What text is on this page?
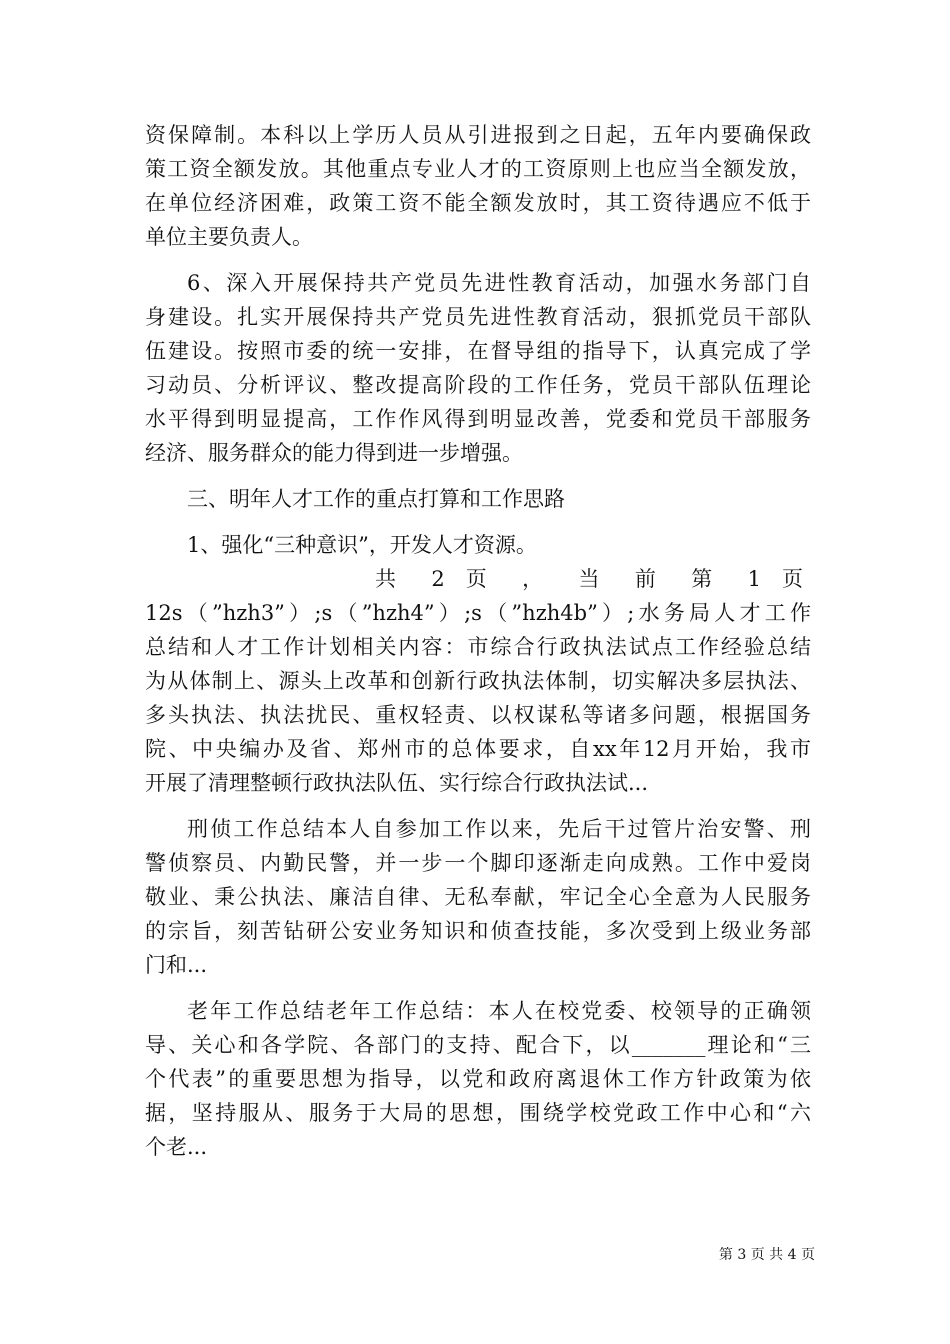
资保障制。本科以上学历人员从引进报到之日起，五年内要确保政
策工资全额发放。其他重点专业人才的工资原则上也应当全额发放，
在单位经济困难，政策工资不能全额发放时，其工资待遇应不低于
单位主要负责人。
6、深入开展保持共产党员先进性教育活动，加强水务部门自
身建设。扎实开展保持共产党员先进性教育活动，狠抓党员干部队
伍建设。按照市委的统一安排，在督导组的指导下，认真完成了学
习动员、分析评议、整改提高阶段的工作任务，党员干部队伍理论
水平得到明显提高，工作作风得到明显改善，党委和党员干部服务
经济、服务群众的能力得到进一步增强。
三、明年人才工作的重点打算和工作思路
1、强化“三种意识”，开发人才资源。
共 2 页 ， 当 前 第 1 页
12s（”hzh3”）;s（”hzh4”）;s（”hzh4b”）;水务局人才工作
总结和人才工作计划相关内容：市综合行政执法试点工作经验总结
为从体制上、源头上改革和创新行政执法体制，切实解决多层执法、
多头执法、执法扰民、重权轻责、以权谋私等诸多问题，根据国务
院、中央编办及省、郑州市的总体要求，自xx年12月开始，我市
开展了清理整顿行政执法队伍、实行综合行政执法试...
刑侦工作总结本人自参加工作以来，先后干过管片治安警、刑
警侦察员、内勤民警，并一步一个脚印逐渐走向成熟。工作中爱岗
敬业、秉公执法、廉洁自律、无私奉献，牢记全心全意为人民服务
的宗旨，刻苦钻研公安业务知识和侦查技能，多次受到上级业务部
门和...
老年工作总结老年工作总结：本人在校党委、校领导的正确领
导、关心和各学院、各部门的支持、配合下，以_______理论和“三
个代表”的重要思想为指导，以党和政府离退休工作方针政策为依
据，坚持服从、服务于大局的思想，围绕学校党政工作中心和“六
个老...
第 3 页 共 4 页
